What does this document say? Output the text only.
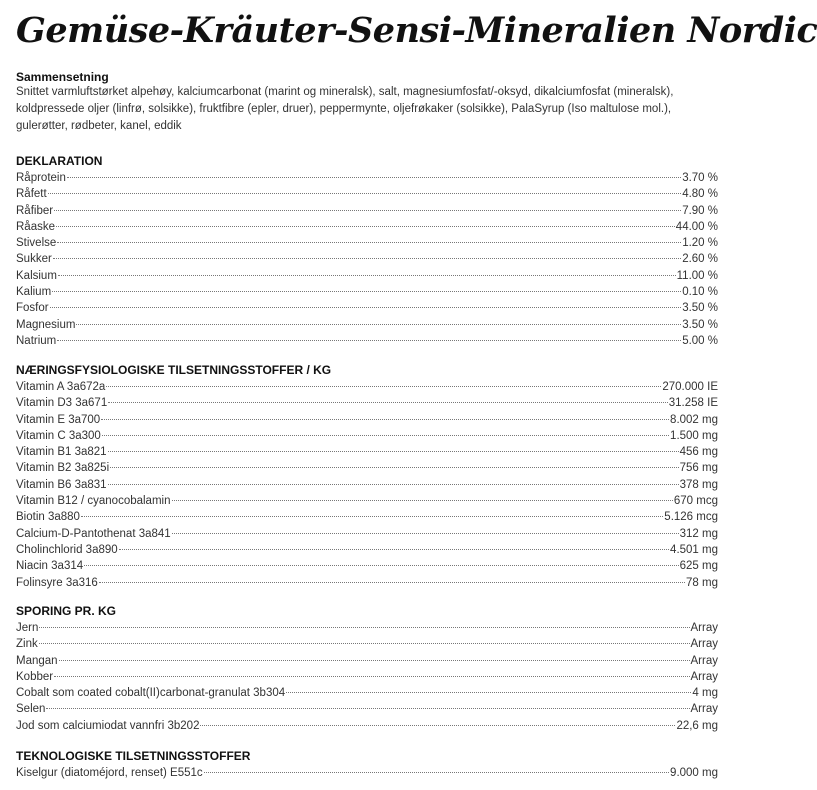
Gemüse-Kräuter-Sensi-Mineralien Nordic

Sammensetning

Snittet varmluftstørket alpehøy, kalciumcarbonat (marint og mineralsk), salt, magnesiumfosfat/-oksyd, dikalciumfosfat (mineralsk), koldpressede oljer (linfrø, solsikke), fruktfibre (epler, druer), peppermynte, oljefrøkaker (solsikke), PalaSyrup (Iso maltulose mol.), gulerøtter, rødbeter, kanel, eddik

DEKLARATION

Råprotein	3.70 %
Råfett	4.80 %
Råfiber	7.90 %
Råaske	44.00 %
Stivelse	1.20 %
Sukker	2.60 %
Kalsium	11.00 %
Kalium	0.10 %
Fosfor	3.50 %
Magnesium	3.50 %
Natrium	5.00 %

NÆRINGSFYSIOLOGISKE TILSETNINGSSTOFFER / KG

Vitamin A 3a672a	270.000 IE
Vitamin D3 3a671	31.258 IE
Vitamin E 3a700	8.002 mg
Vitamin C 3a300	1.500 mg
Vitamin B1 3a821	456 mg
Vitamin B2 3a825i	756 mg
Vitamin B6 3a831	378 mg
Vitamin B12 / cyanocobalamin	670 mcg
Biotin 3a880	5.126 mcg
Calcium-D-Pantothenat 3a841	312 mg
Cholinchlorid 3a890	4.501 mg
Niacin 3a314	625 mg
Folinsyre 3a316	78 mg

SPORING PR. KG

Jern	Array
Zink	Array
Mangan	Array
Kobber	Array
Cobalt som coated cobalt(II)carbonat-granulat 3b304	4 mg
Selen	Array
Jod som calciumiodat vannfri 3b202	22,6 mg

TEKNOLOGISKE TILSETNINGSSTOFFER

Kiselgur (diatoméjord, renset) E551c	9.000 mg
